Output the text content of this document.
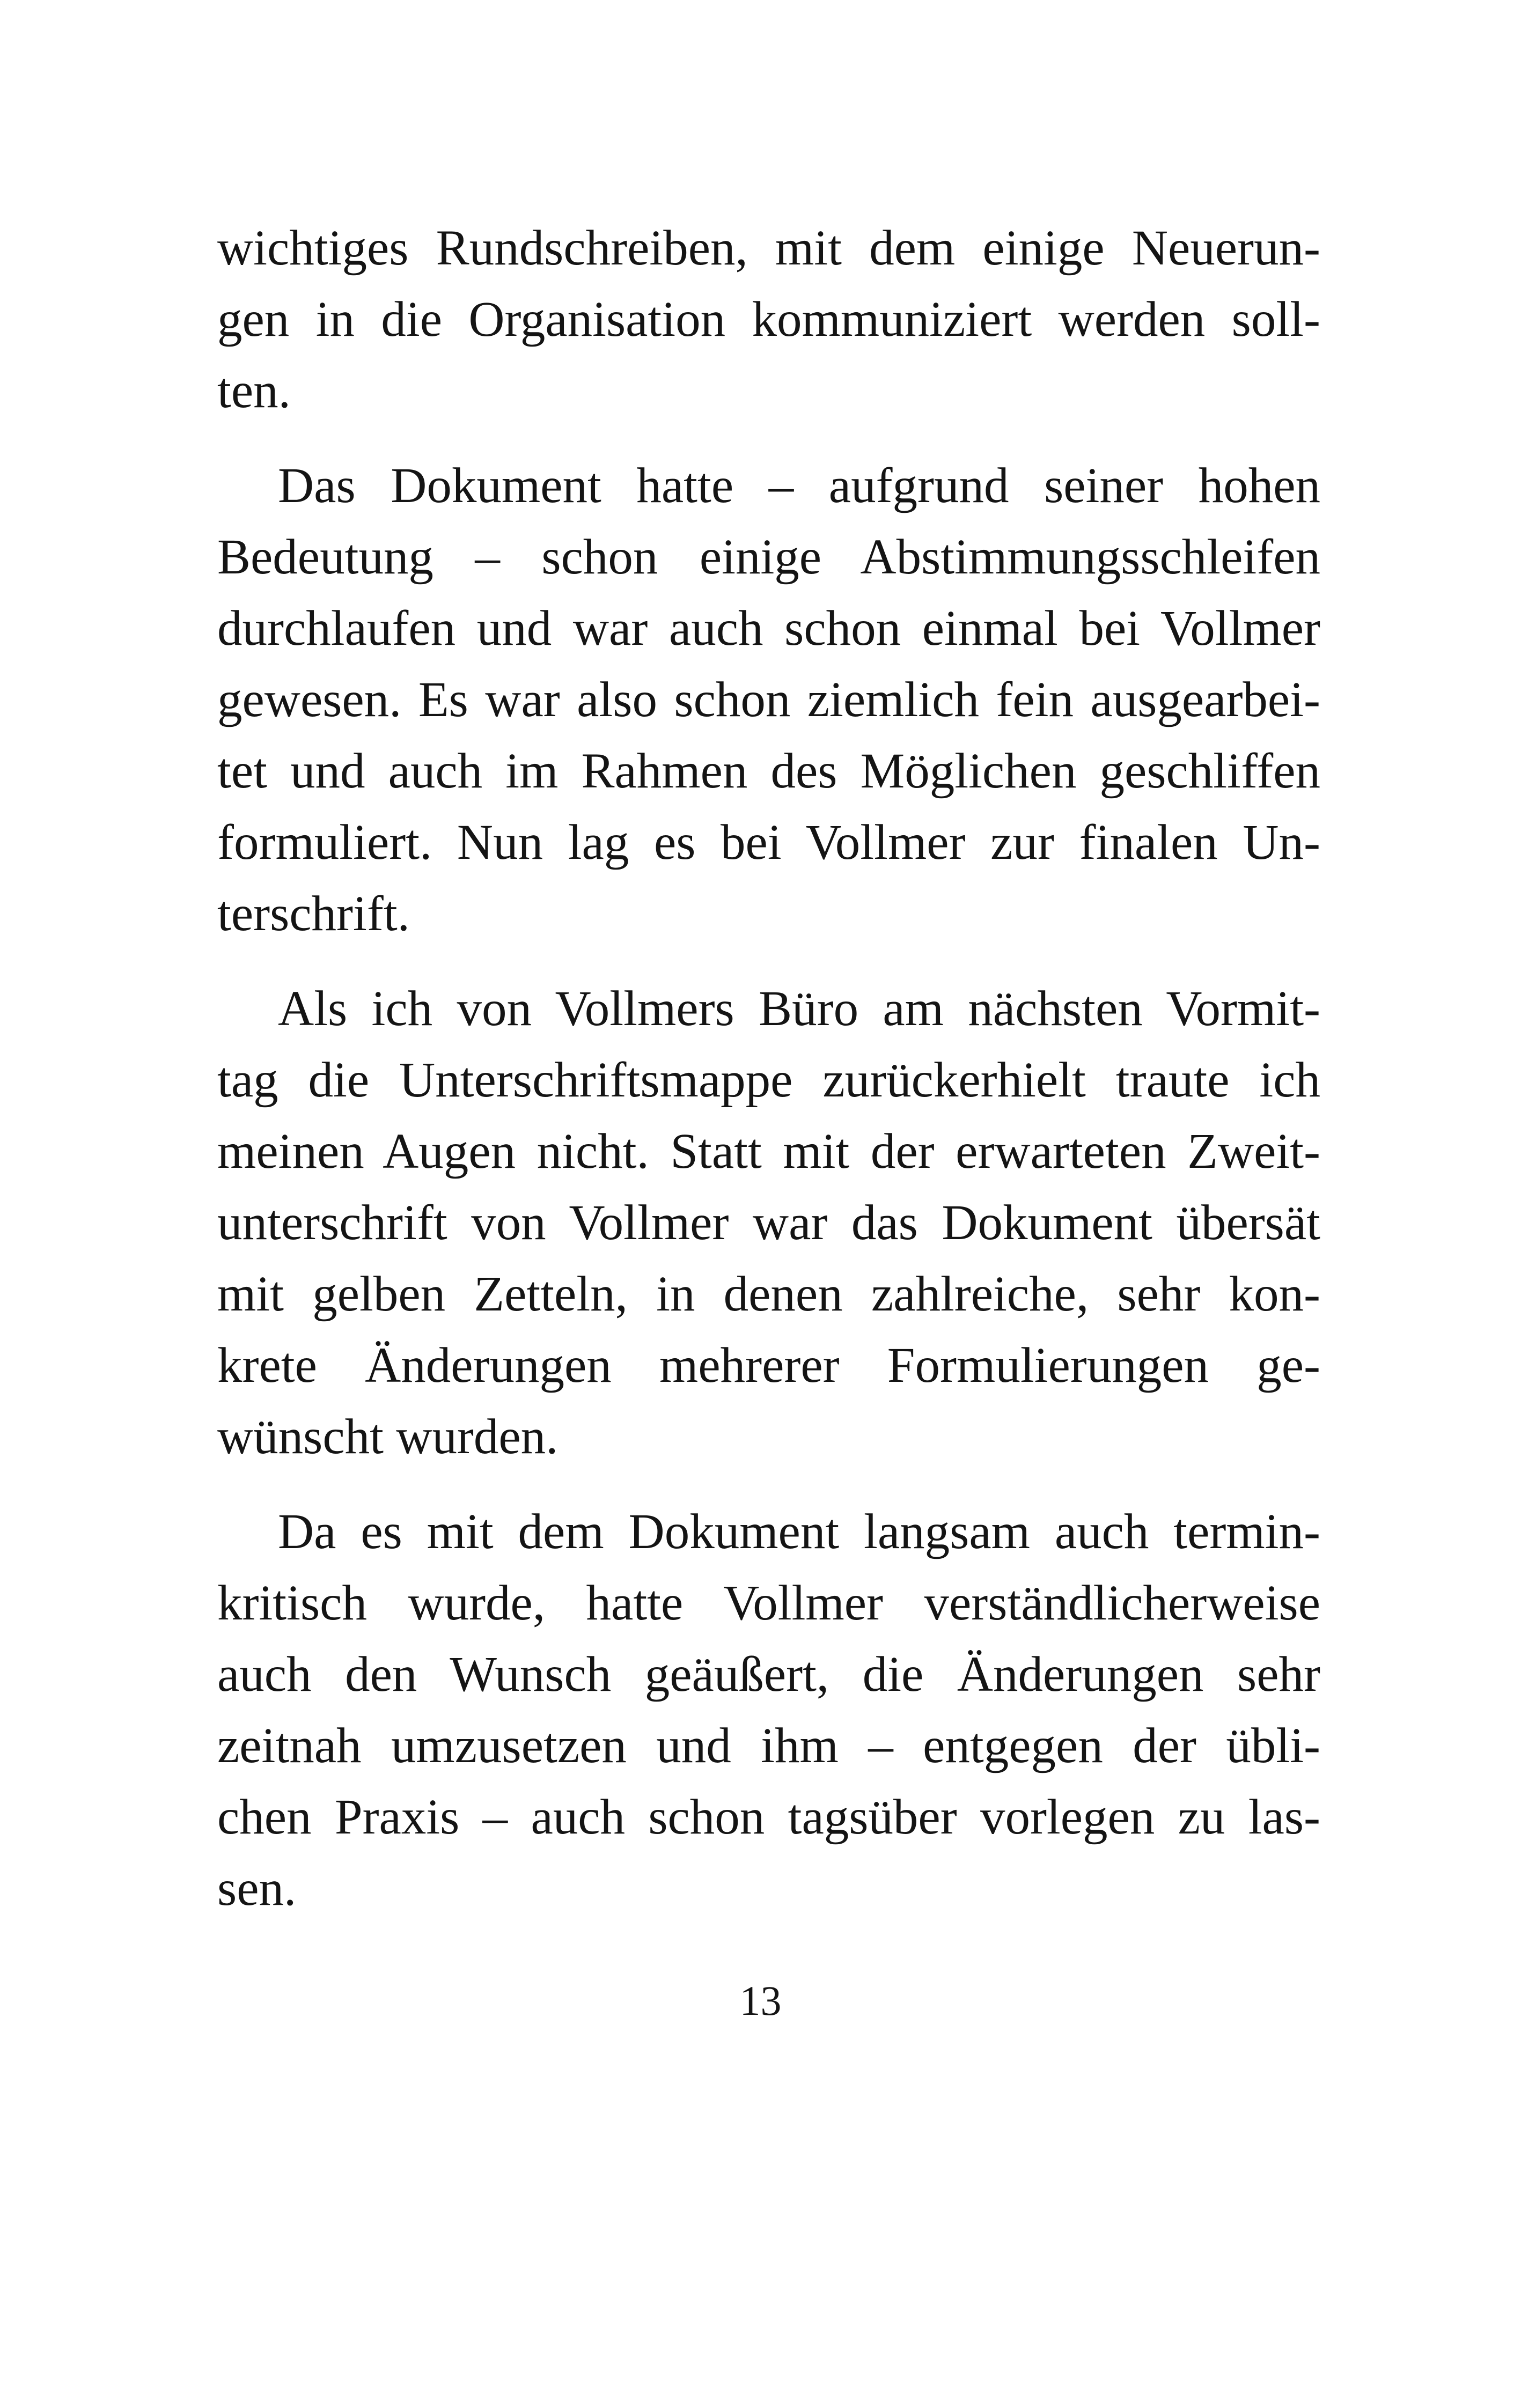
wichtiges Rundschreiben, mit dem einige Neuerun-
gen in die Organisation kommuniziert werden soll-
ten.
Das Dokument hatte – aufgrund seiner hohen
Bedeutung – schon einige Abstimmungsschleifen
durchlaufen und war auch schon einmal bei Vollmer
gewesen. Es war also schon ziemlich fein ausgearbei-
tet und auch im Rahmen des Möglichen geschliffen
formuliert. Nun lag es bei Vollmer zur finalen Un-
terschrift.
Als ich von Vollmers Büro am nächsten Vormit-
tag die Unterschriftsmappe zurückerhielt traute ich
meinen Augen nicht. Statt mit der erwarteten Zweit-
unterschrift von Vollmer war das Dokument übersät
mit gelben Zetteln, in denen zahlreiche, sehr kon-
krete Änderungen mehrerer Formulierungen ge-
wünscht wurden.
Da es mit dem Dokument langsam auch termin-
kritisch wurde, hatte Vollmer verständlicherweise
auch den Wunsch geäußert, die Änderungen sehr
zeitnah umzusetzen und ihm – entgegen der übli-
chen Praxis – auch schon tagsüber vorlegen zu las-
sen.
13
